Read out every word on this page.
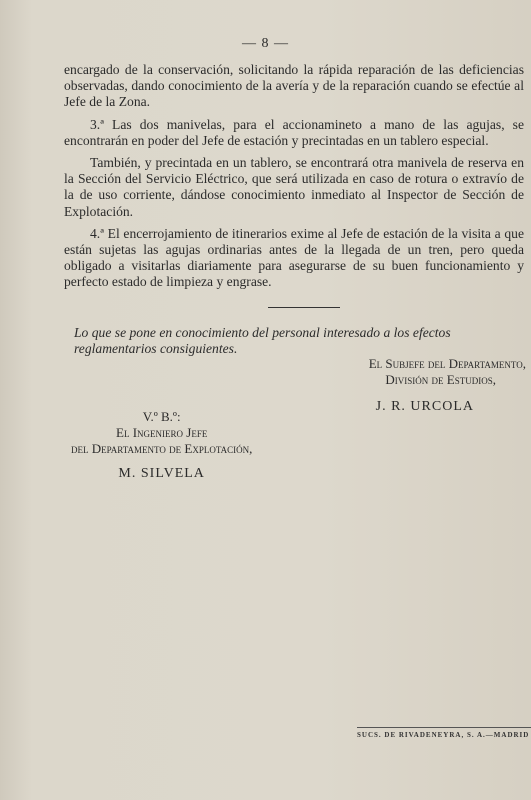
— 8 —

encargado de la conservación, solicitando la rápida reparación de las deficiencias observadas, dando conocimiento de la avería y de la reparación cuando se efectúe al Jefe de la Zona.

3.ª Las dos manivelas, para el accionamineto a mano de las agujas, se encontrarán en poder del Jefe de estación y precintadas en un tablero especial.

También, y precintada en un tablero, se encontrará otra manivela de reserva en la Sección del Servicio Eléctrico, que será utilizada en caso de rotura o extravío de la de uso corriente, dándose conocimiento inmediato al Inspector de Sección de Explotación.

4.ª El encerrojamiento de itinerarios exime al Jefe de estación de la visita a que están sujetas las agujas ordinarias antes de la llegada de un tren, pero queda obligado a visitarlas diariamente para asegurarse de su buen funcionamiento y perfecto estado de limpieza y engrase.

Lo que se pone en conocimiento del personal interesado a los efectos reglamentarios consiguientes.
El Subjefe del Departamento,
División de Estudios,
J. R. URCOLA
V.º B.º:
El Ingeniero Jefe
del Departamento de Explotación,
M. SILVELA
SUCS. DE RIVADENEYRA, S. A.—MADRID
